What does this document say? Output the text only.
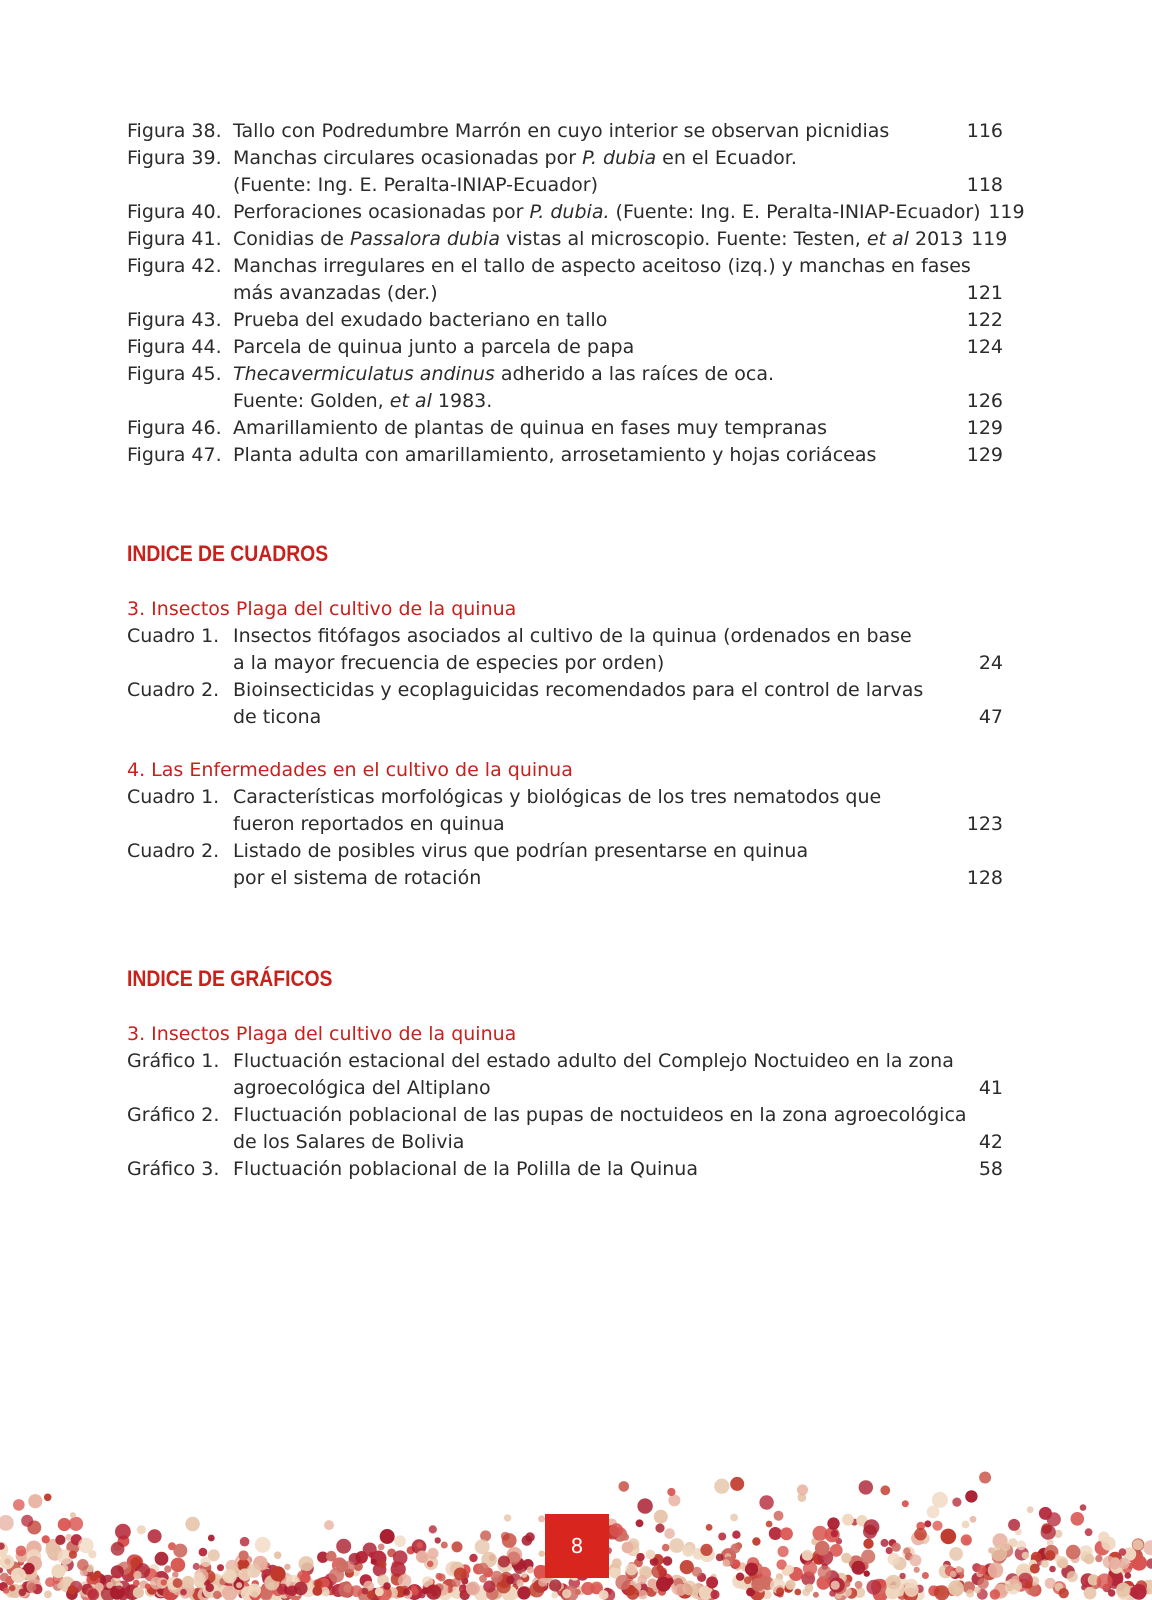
Figura 38. Tallo con Podredumbre Marrón en cuyo interior se observan picnidias	116
Figura 39. Manchas circulares ocasionadas por P. dubia en el Ecuador.
(Fuente: Ing. E. Peralta-INIAP-Ecuador)	118
Figura 40. Perforaciones ocasionadas por P. dubia. (Fuente: Ing. E. Peralta-INIAP-Ecuador) 119
Figura 41. Conidias de Passalora dubia vistas al microscopio. Fuente: Testen, et al 2013 119
Figura 42. Manchas irregulares en el tallo de aspecto aceitoso (izq.) y manchas en fases
más avanzadas (der.)	121
Figura 43. Prueba del exudado bacteriano en tallo	122
Figura 44. Parcela de quinua junto a parcela de papa	124
Figura 45. Thecavermiculatus andinus adherido a las raíces de oca.
Fuente: Golden, et al 1983.	126
Figura 46. Amarillamiento de plantas de quinua en fases muy tempranas	129
Figura 47. Planta adulta con amarillamiento, arrosetamiento y hojas coriáceas	129
INDICE DE CUADROS
3. Insectos Plaga del cultivo de la quinua
Cuadro 1. Insectos fitófagos asociados al cultivo de la quinua (ordenados en base
a la mayor frecuencia de especies por orden)	24
Cuadro 2. Bioinsecticidas y ecoplaguicidas recomendados para el control de larvas
de ticona	47
4. Las Enfermedades en el cultivo de la quinua
Cuadro 1. Características morfológicas y biológicas de los tres nematodos que
fueron reportados en quinua	123
Cuadro 2. Listado de posibles virus que podrían presentarse en quinua
por el sistema de rotación	128
INDICE DE GRÁFICOS
3. Insectos Plaga del cultivo de la quinua
Gráfico 1. Fluctuación estacional del estado adulto del Complejo Noctuideo en la zona
agroecológica del Altiplano	41
Gráfico 2. Fluctuación poblacional de las pupas de noctuideos en la zona agroecológica
de los Salares de Bolivia	42
Gráfico 3. Fluctuación poblacional de la Polilla de la Quinua	58
8
